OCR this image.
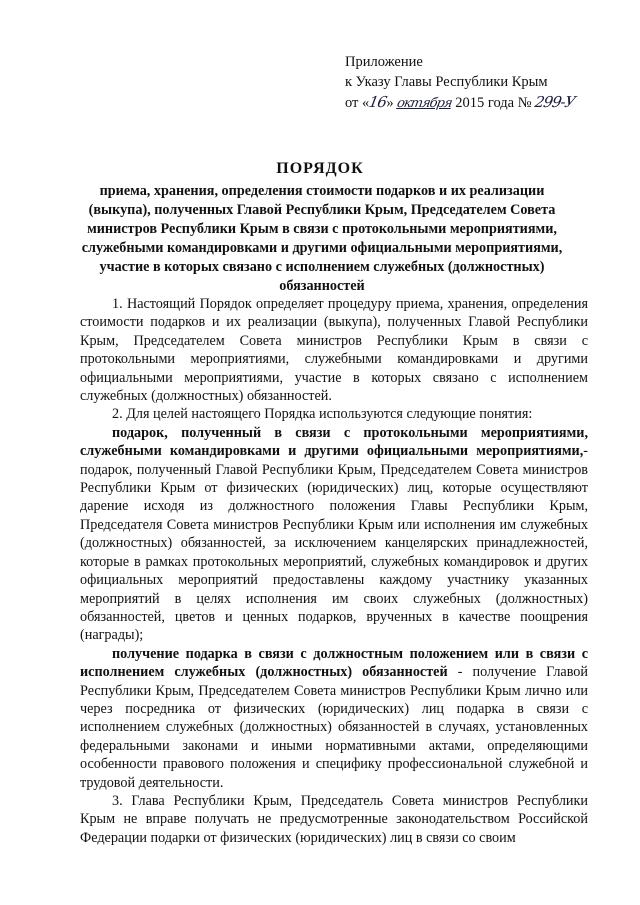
Приложение
к Указу Главы Республики Крым
от «16» октября 2015 года № 299-У
ПОРЯДОК
приема, хранения, определения стоимости подарков и их реализации (выкупа), полученных Главой Республики Крым, Председателем Совета министров Республики Крым в связи с протокольными мероприятиями, служебными командировками и другими официальными мероприятиями, участие в которых связано с исполнением служебных (должностных) обязанностей

1. Настоящий Порядок определяет процедуру приема, хранения, определения стоимости подарков и их реализации (выкупа), полученных Главой Республики Крым, Председателем Совета министров Республики Крым в связи с протокольными мероприятиями, служебными командировками и другими официальными мероприятиями, участие в которых связано с исполнением служебных (должностных) обязанностей.

2. Для целей настоящего Порядка используются следующие понятия:

подарок, полученный в связи с протокольными мероприятиями, служебными командировками и другими официальными мероприятиями,- подарок, полученный Главой Республики Крым, Председателем Совета министров Республики Крым от физических (юридических) лиц, которые осуществляют дарение исходя из должностного положения Главы Республики Крым, Председателя Совета министров Республики Крым или исполнения им служебных (должностных) обязанностей, за исключением канцелярских принадлежностей, которые в рамках протокольных мероприятий, служебных командировок и других официальных мероприятий предоставлены каждому участнику указанных мероприятий в целях исполнения им своих служебных (должностных) обязанностей, цветов и ценных подарков, врученных в качестве поощрения (награды);

получение подарка в связи с должностным положением или в связи с исполнением служебных (должностных) обязанностей - получение Главой Республики Крым, Председателем Совета министров Республики Крым лично или через посредника от физических (юридических) лиц подарка в связи с исполнением служебных (должностных) обязанностей в случаях, установленных федеральными законами и иными нормативными актами, определяющими особенности правового положения и специфику профессиональной служебной и трудовой деятельности.

3. Глава Республики Крым, Председатель Совета министров Республики Крым не вправе получать не предусмотренные законодательством Российской Федерации подарки от физических (юридических) лиц в связи со своим
